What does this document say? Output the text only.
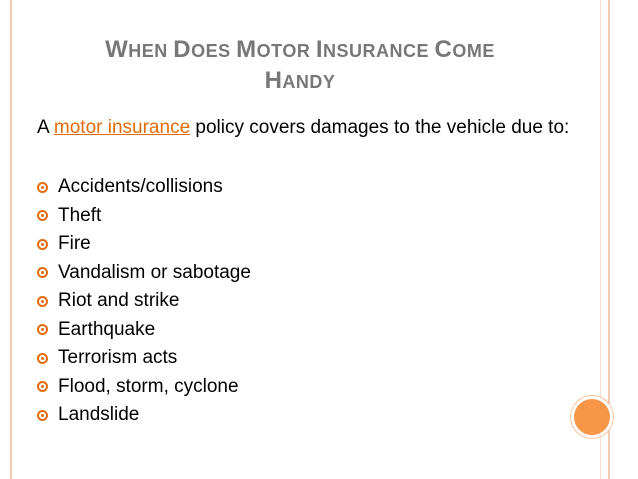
WHEN DOES MOTOR INSURANCE COME
HANDY
A motor insurance policy covers damages to the vehicle due to:
Accidents/collisions
Theft
Fire
Vandalism or sabotage
Riot and strike
Earthquake
Terrorism acts
Flood, storm, cyclone
Landslide
